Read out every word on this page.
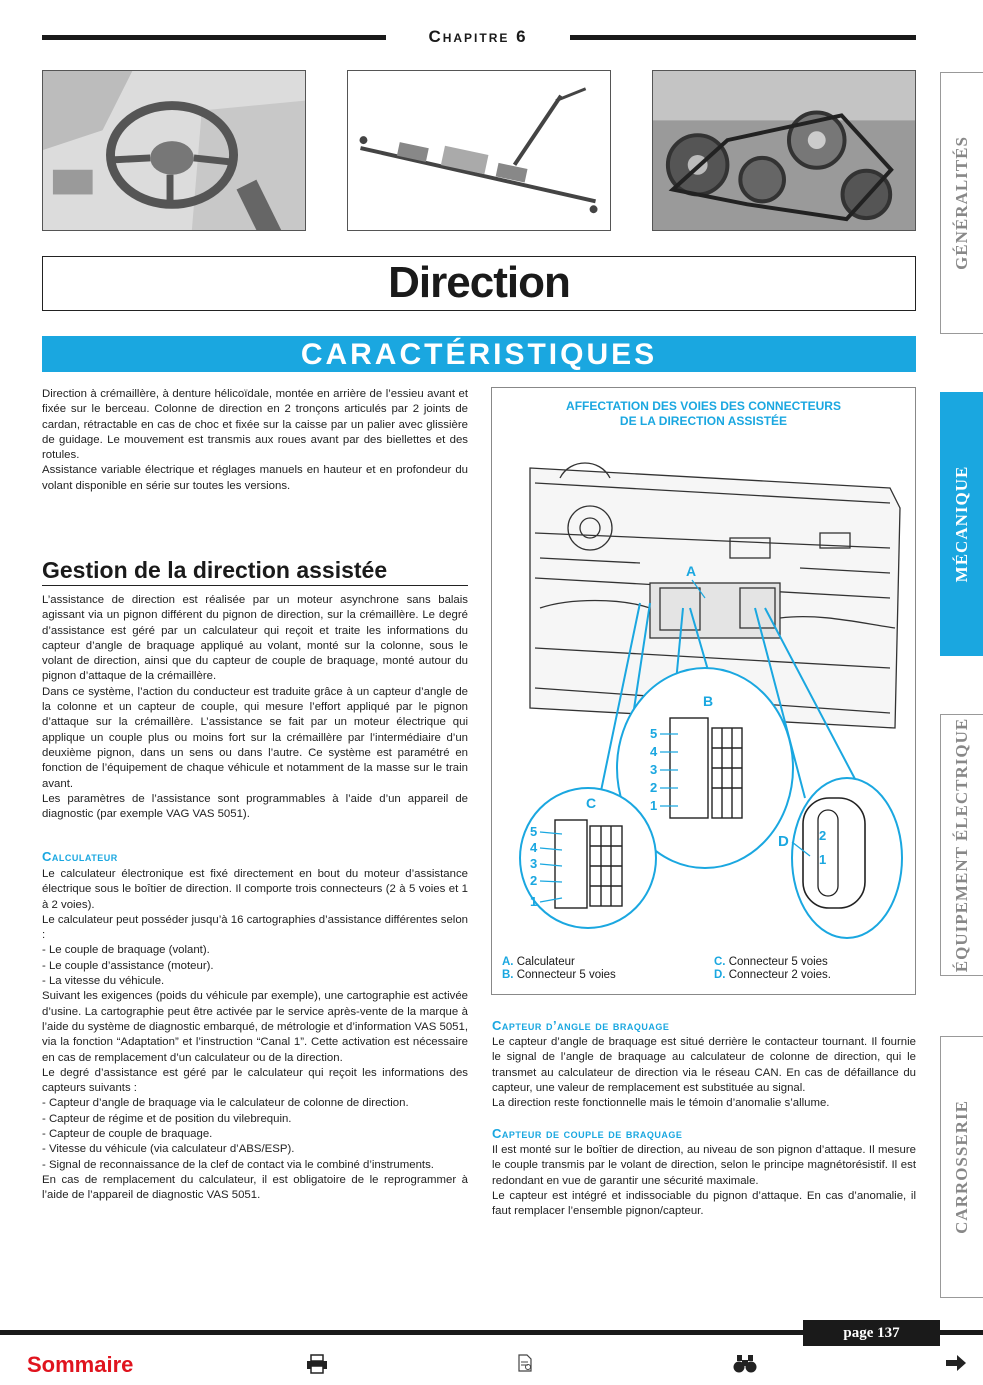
Chapitre 6
Direction
CARACTÉRISTIQUES
GÉNÉRALITÉS
MÉCANIQUE
ÉQUIPEMENT ÉLECTRIQUE
CARROSSERIE

Direction à crémaillère, à denture hélicoïdale, montée en arrière de l’essieu avant et fixée sur le berceau. Colonne de direction en 2 tronçons articulés par 2 joints de cardan, rétractable en cas de choc et fixée sur la caisse par un palier avec glissière de guidage. Le mouvement est transmis aux roues avant par des biellettes et des rotules.

Assistance variable électrique et réglages manuels en hauteur et en profondeur du volant disponible en série sur toutes les versions.

Gestion de la direction assistée

L’assistance de direction est réalisée par un moteur asynchrone sans balais agissant via un pignon différent du pignon de direction, sur la crémaillère. Le degré d’assistance est géré par un calculateur qui reçoit et traite les informations du capteur d’angle de braquage appliqué au volant, monté sur la colonne, sous le volant de direction, ainsi que du capteur de couple de braquage, monté autour du pignon d’attaque de la crémaillère.

Dans ce système, l’action du conducteur est traduite grâce à un capteur d’angle de la colonne et un capteur de couple, qui mesure l’effort appliqué par le pignon d’attaque sur la crémaillère. L’assistance se fait par un moteur électrique qui applique un couple plus ou moins fort sur la crémaillère par l’intermédiaire d’un deuxième pignon, dans un sens ou dans l’autre. Ce système est paramétré en fonction de l’équipement de chaque véhicule et notamment de la masse sur le train avant.

Les paramètres de l’assistance sont programmables à l’aide d’un appareil de diagnostic (par exemple VAG VAS 5051).

Calculateur

Le calculateur électronique est fixé directement en bout du moteur d’assistance électrique sous le boîtier de direction. Il comporte trois connecteurs (2 à 5 voies et 1 à 2 voies).

Le calculateur peut posséder jusqu’à 16 cartographies d’assistance différentes selon :

- Le couple de braquage (volant).

- Le couple d’assistance (moteur).

- La vitesse du véhicule.

Suivant les exigences (poids du véhicule par exemple), une cartographie est activée d’usine. La cartographie peut être activée par le service après-vente de la marque à l’aide du système de diagnostic embarqué, de métrologie et d’information VAS 5051, via la fonction “Adaptation” et l’instruction “Canal 1”. Cette activation est nécessaire en cas de remplacement d’un calculateur ou de la direction.

Le degré d’assistance est géré par le calculateur qui reçoit les informations des capteurs suivants :

- Capteur d’angle de braquage via le calculateur de colonne de direction.

- Capteur de régime et de position du vilebrequin.

- Capteur de couple de braquage.

- Vitesse du véhicule (via calculateur d’ABS/ESP).

- Signal de reconnaissance de la clef de contact via le combiné d’instruments.

En cas de remplacement du calculateur, il est obligatoire de le reprogrammer à l’aide de l’appareil de diagnostic VAS 5051.

AFFECTATION DES VOIES DES CONNECTEURS
DE LA DIRECTION ASSISTÉE
A
B
5
4
3
2
1
C
5
4
3
2
1
D 2
1
A. Calculateur
B. Connecteur 5 voies
C. Connecteur 5 voies
D. Connecteur 2 voies.
Capteur d’angle de braquage

Le capteur d’angle de braquage est situé derrière le contacteur tournant. Il fournie le signal de l’angle de braquage au calculateur de colonne de direction, qui le transmet au calculateur de direction via le réseau CAN. En cas de défaillance du capteur, une valeur de remplacement est substituée au signal.

La direction reste fonctionnelle mais le témoin d’anomalie s’allume.

Capteur de couple de braquage

Il est monté sur le boîtier de direction, au niveau de son pignon d’attaque. Il mesure le couple transmis par le volant de direction, selon le principe magnétorésistif. Il est redondant en vue de garantir une sécurité maximale.

Le capteur est intégré et indissociable du pignon d’attaque. En cas d’anomalie, il faut remplacer l’ensemble pignon/capteur.

page 137
Sommaire
